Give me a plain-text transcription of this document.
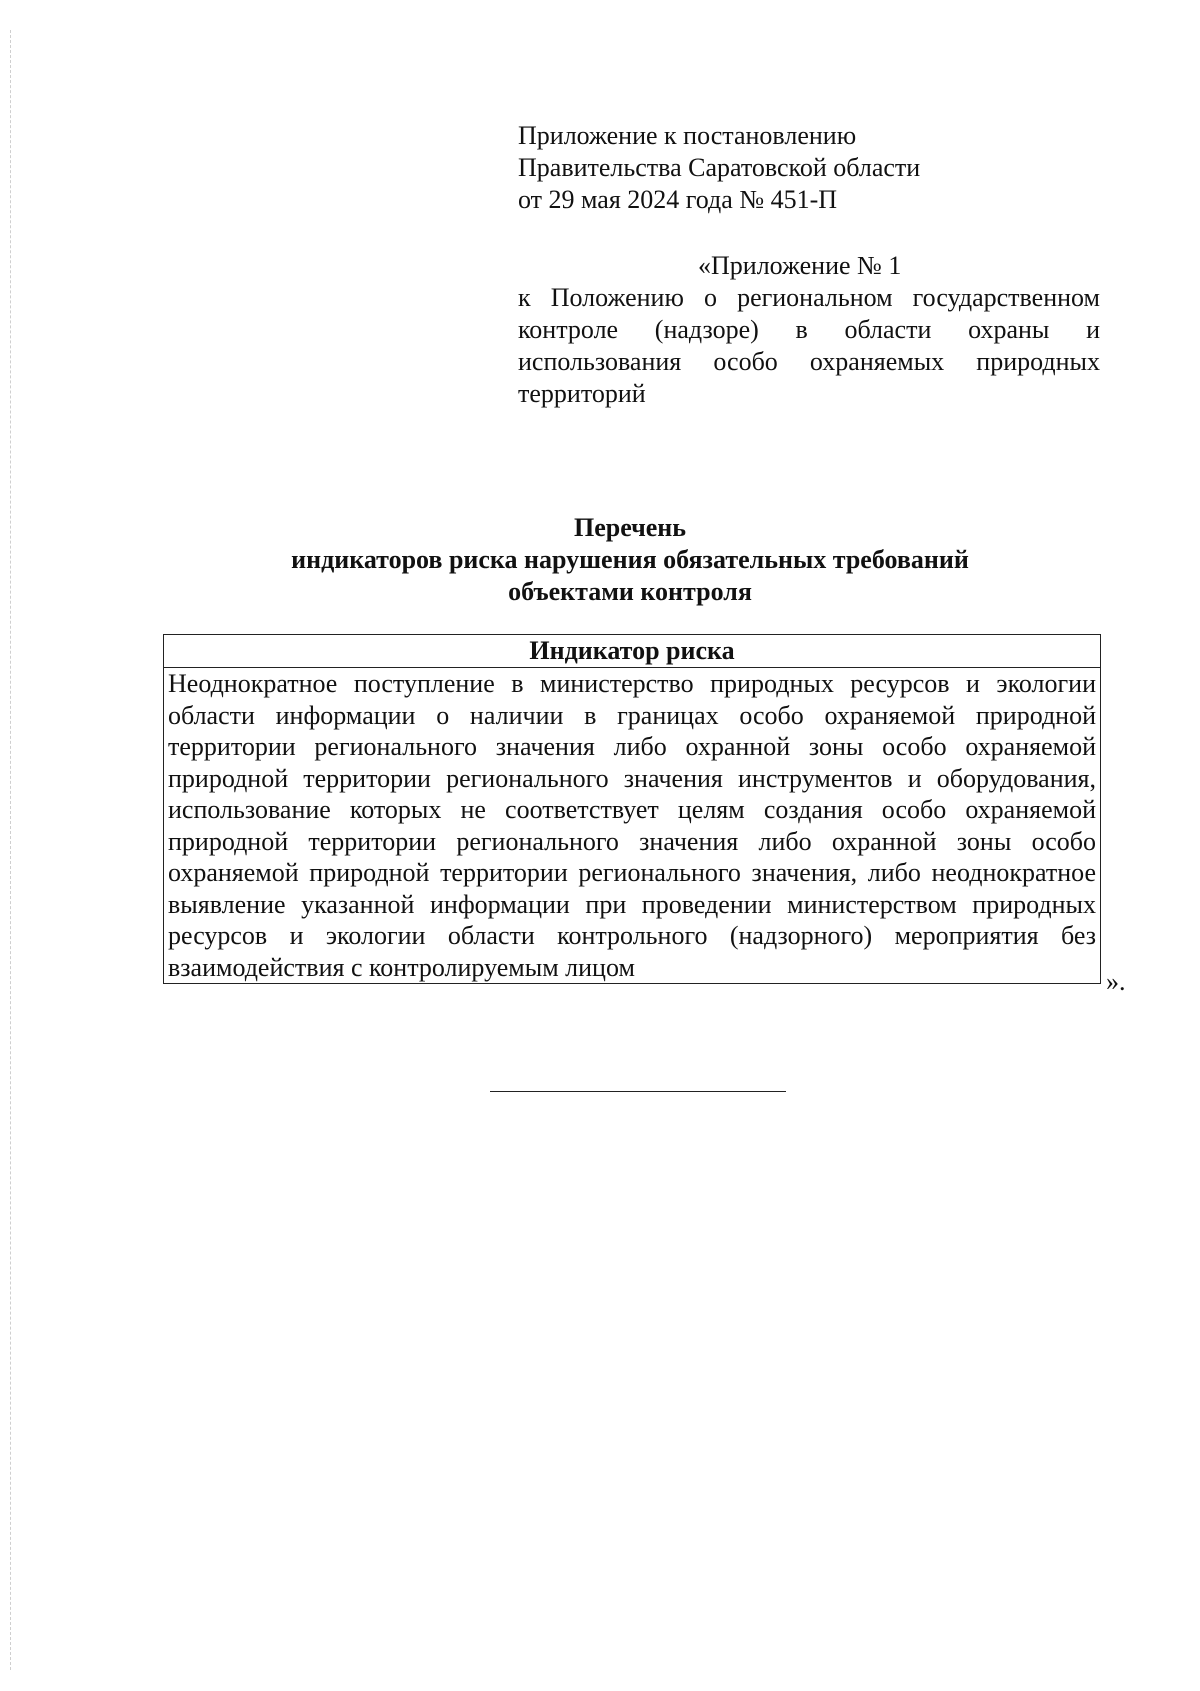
Приложение к постановлению
Правительства Саратовской области
от 29 мая 2024 года № 451-П
«Приложение № 1
к Положению о региональном государственном контроле (надзоре) в области охраны и использования особо охраняемых природных территорий
Перечень
индикаторов риска нарушения обязательных требований
объектами контроля
Индикатор риска
Неоднократное поступление в министерство природных ресурсов и экологии области информации о наличии в границах особо охраняемой природной территории регионального значения либо охранной зоны особо охраняемой природной территории регионального значения инструментов и оборудования, использование которых не соответствует целям создания особо охраняемой природной территории регионального значения либо охранной зоны особо охраняемой природной территории регионального значения, либо неоднократное выявление указанной информации при проведении министерством природных ресурсов и экологии области контрольного (надзорного) мероприятия без взаимодействия с контролируемым лицом	».
